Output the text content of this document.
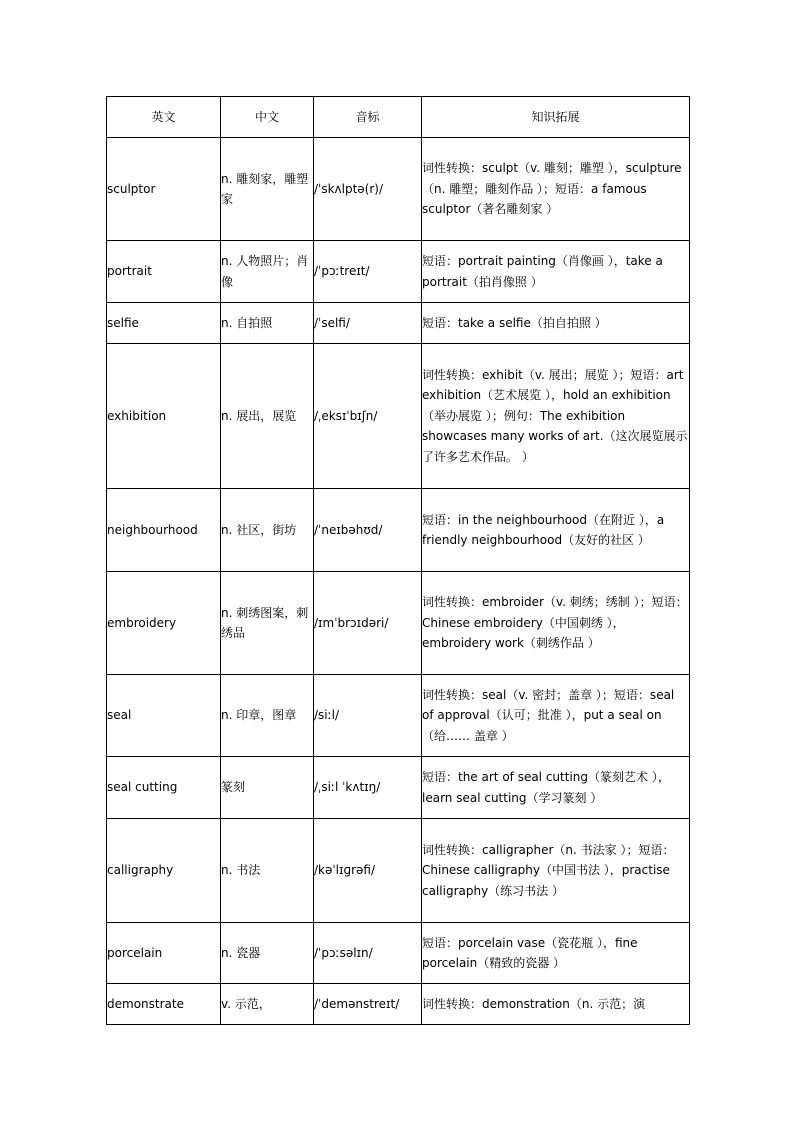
英文	中文	音标	知识拓展
sculptor	n. 雕刻家，雕塑家	/ˈskʌlptə(r)/	词性转换：sculpt（v. 雕刻；雕塑 ），sculpture（n. 雕塑；雕刻作品 ）；短语：a famous sculptor（著名雕刻家 ）
portrait	n. 人物照片；肖像	/ˈpɔːtreɪt/	短语：portrait painting（肖像画 ），take a portrait（拍肖像照 ）
selfie	n. 自拍照	/ˈselfi/	短语：take a selfie（拍自拍照 ）
exhibition	n. 展出，展览	/ˌeksɪˈbɪʃn/	词性转换：exhibit（v. 展出；展览 ）；短语：art exhibition（艺术展览 ），hold an exhibition（举办展览 ）；例句：The exhibition showcases many works of art.（这次展览展示了许多艺术作品。 ）
neighbourhood	n. 社区，街坊	/ˈneɪbəhʊd/	短语：in the neighbourhood（在附近 ），a friendly neighbourhood（友好的社区 ）
embroidery	n. 刺绣图案，刺绣品	/ɪmˈbrɔɪdəri/	词性转换：embroider（v. 刺绣；绣制 ）；短语：Chinese embroidery（中国刺绣 ），embroidery work（刺绣作品 ）
seal	n. 印章，图章	/siːl/	词性转换：seal（v. 密封；盖章 ）；短语：seal of approval（认可；批准 ），put a seal on（给…… 盖章 ）
seal cutting	篆刻	/ˌsiːl ˈkʌtɪŋ/	短语：the art of seal cutting（篆刻艺术 ），learn seal cutting（学习篆刻 ）
calligraphy	n. 书法	/kəˈlɪɡrəfi/	词性转换：calligrapher（n. 书法家 ）；短语：Chinese calligraphy（中国书法 ），practise calligraphy（练习书法 ）
porcelain	n. 瓷器	/ˈpɔːsəlɪn/	短语：porcelain vase（瓷花瓶 ），fine porcelain（精致的瓷器 ）
demonstrate	v. 示范，	/ˈdemənstreɪt/	词性转换：demonstration（n. 示范；演
